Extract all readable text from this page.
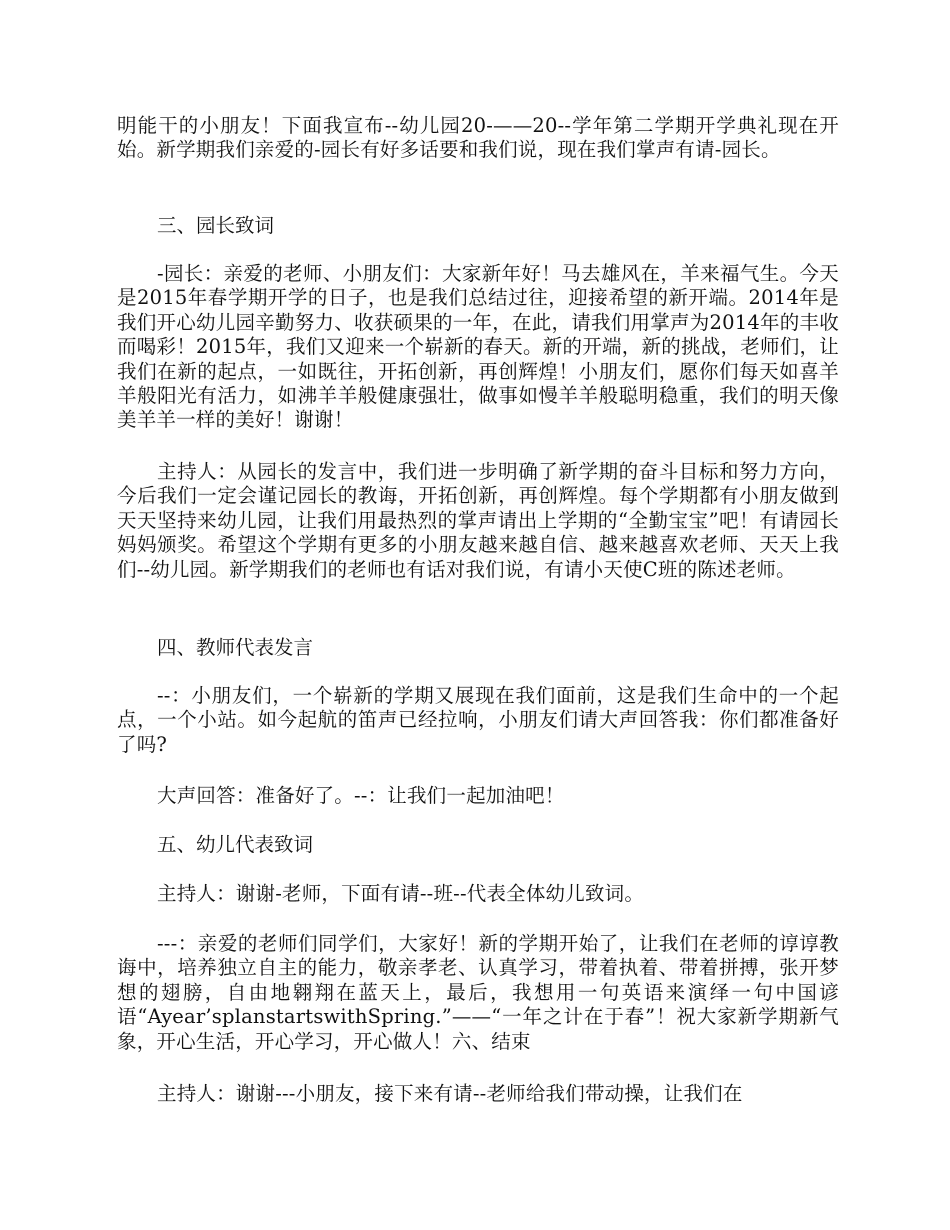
明能干的小朋友！下面我宣布--幼儿园20-——20--学年第二学期开学典礼现在开始。新学期我们亲爱的-园长有好多话要和我们说，现在我们掌声有请-园长。

三、园长致词

-园长：亲爱的老师、小朋友们：大家新年好！马去雄风在，羊来福气生。今天是2015年春学期开学的日子，也是我们总结过往，迎接希望的新开端。2014年是我们开心幼儿园辛勤努力、收获硕果的一年，在此，请我们用掌声为2014年的丰收而喝彩！2015年，我们又迎来一个崭新的春天。新的开端，新的挑战，老师们，让我们在新的起点，一如既往，开拓创新，再创辉煌！小朋友们，愿你们每天如喜羊羊般阳光有活力，如沸羊羊般健康强壮，做事如慢羊羊般聪明稳重，我们的明天像美羊羊一样的美好！谢谢！

主持人：从园长的发言中，我们进一步明确了新学期的奋斗目标和努力方向，今后我们一定会谨记园长的教诲，开拓创新，再创辉煌。每个学期都有小朋友做到天天坚持来幼儿园，让我们用最热烈的掌声请出上学期的“全勤宝宝”吧！有请园长妈妈颁奖。希望这个学期有更多的小朋友越来越自信、越来越喜欢老师、天天上我们--幼儿园。新学期我们的老师也有话对我们说，有请小天使C班的陈述老师。

四、教师代表发言

--：小朋友们，一个崭新的学期又展现在我们面前，这是我们生命中的一个起点，一个小站。如今起航的笛声已经拉响，小朋友们请大声回答我：你们都准备好了吗?

大声回答：准备好了。--：让我们一起加油吧！

五、幼儿代表致词

主持人：谢谢-老师，下面有请--班--代表全体幼儿致词。

---：亲爱的老师们同学们，大家好！新的学期开始了，让我们在老师的谆谆教诲中，培养独立自主的能力，敬亲孝老、认真学习，带着执着、带着拼搏，张开梦想的翅膀，自由地翱翔在蓝天上，最后，我想用一句英语来演绎一句中国谚语“Ayear’splanstartswithSpring.”——“一年之计在于春”！祝大家新学期新气象，开心生活，开心学习，开心做人！六、结束

主持人：谢谢---小朋友，接下来有请--老师给我们带动操，让我们在
